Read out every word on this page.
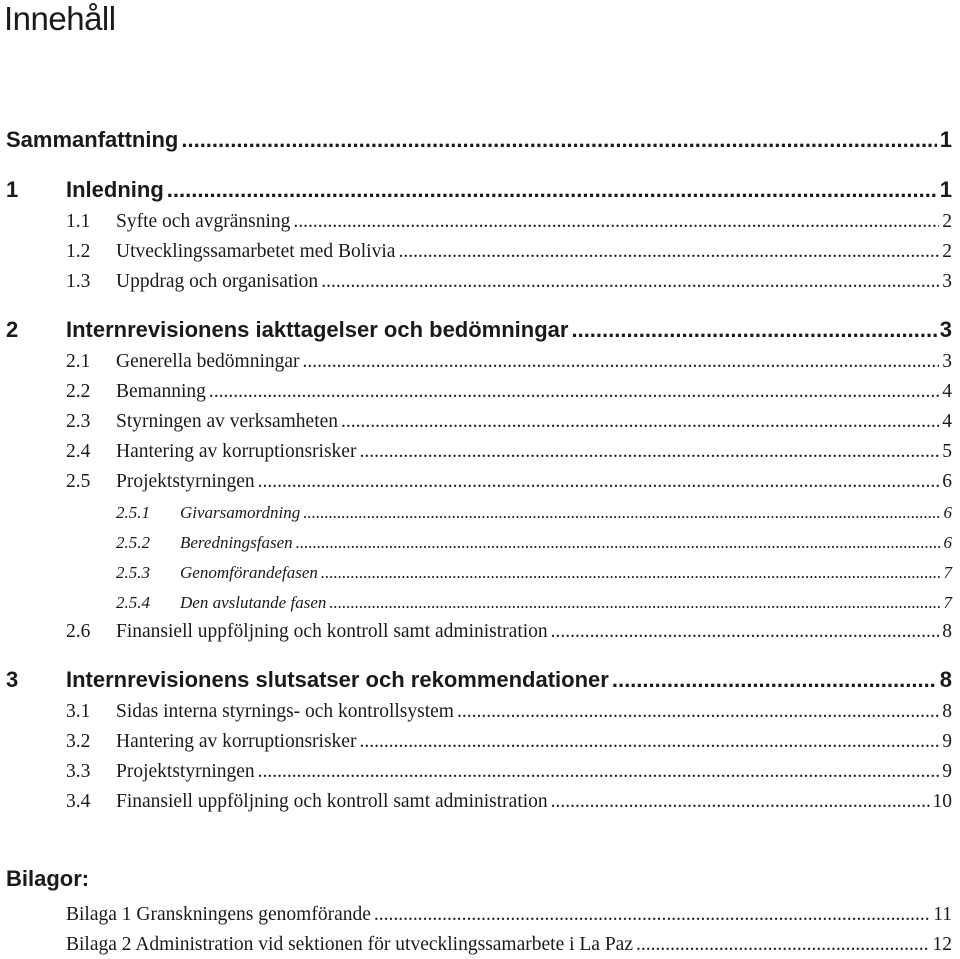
Innehåll
Sammanfattning .....	1
1 Inledning .....	1
1.1	Syfte och avgränsning .....	2
1.2	Utvecklingssamarbetet med Bolivia .....	2
1.3	Uppdrag och organisation .....	3
2 Internrevisionens iakttagelser och bedömningar .....	3
2.1	Generella bedömningar .....	3
2.2	Bemanning .....	4
2.3	Styrningen av verksamheten .....	4
2.4	Hantering av korruptionsrisker .....	5
2.5	Projektstyrningen .....	6
2.5.1	Givarsamordning .....	6
2.5.2	Beredningsfasen .....	6
2.5.3	Genomförandefasen .....	7
2.5.4	Den avslutande fasen .....	7
2.6	Finansiell uppföljning och kontroll samt administration .....	8
3 Internrevisionens slutsatser och rekommendationer .....	8
3.1	Sidas interna styrnings- och kontrollsystem .....	8
3.2	Hantering av korruptionsrisker .....	9
3.3	Projektstyrningen .....	9
3.4	Finansiell uppföljning och kontroll samt administration .....	10
Bilagor:
Bilaga 1 Granskningens genomförande .....	11
Bilaga 2 Administration vid sektionen för utvecklingssamarbete i La Paz .....	12
